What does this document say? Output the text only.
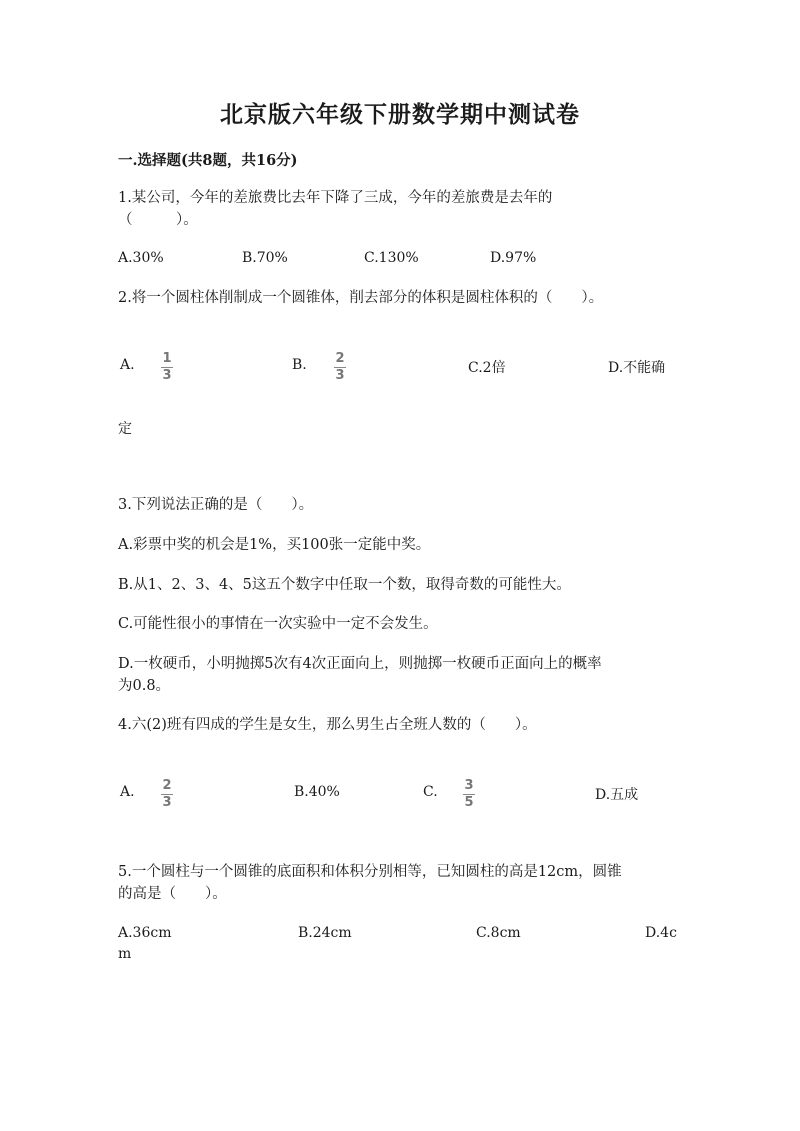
北京版六年级下册数学期中测试卷
一.选择题(共8题，共16分)
1.某公司，今年的差旅费比去年下降了三成，今年的差旅费是去年的
（　　　）。
A.30%	B.70%	C.130%	D.97%
2.将一个圆柱体削制成一个圆锥体，削去部分的体积是圆柱体积的（　　）。
A. 1
3
B. 2
3	C.2倍	D.不能确
定
3.下列说法正确的是（　　）。
A.彩票中奖的机会是1%，买100张一定能中奖。
B.从1、2、3、4、5这五个数字中任取一个数，取得奇数的可能性大。
C.可能性很小的事情在一次实验中一定不会发生。
D.一枚硬币，小明抛掷5次有4次正面向上，则抛掷一枚硬币正面向上的概率
为0.8。
4.六(2)班有四成的学生是女生，那么男生占全班人数的（　　）。
A. 2
3
B.40%	C. 3
5	D.五成
5.一个圆柱与一个圆锥的底面积和体积分别相等，已知圆柱的高是12cm，圆锥
的高是（　　）。
A.36cm	B.24cm	C.8cm	D.4c
m
